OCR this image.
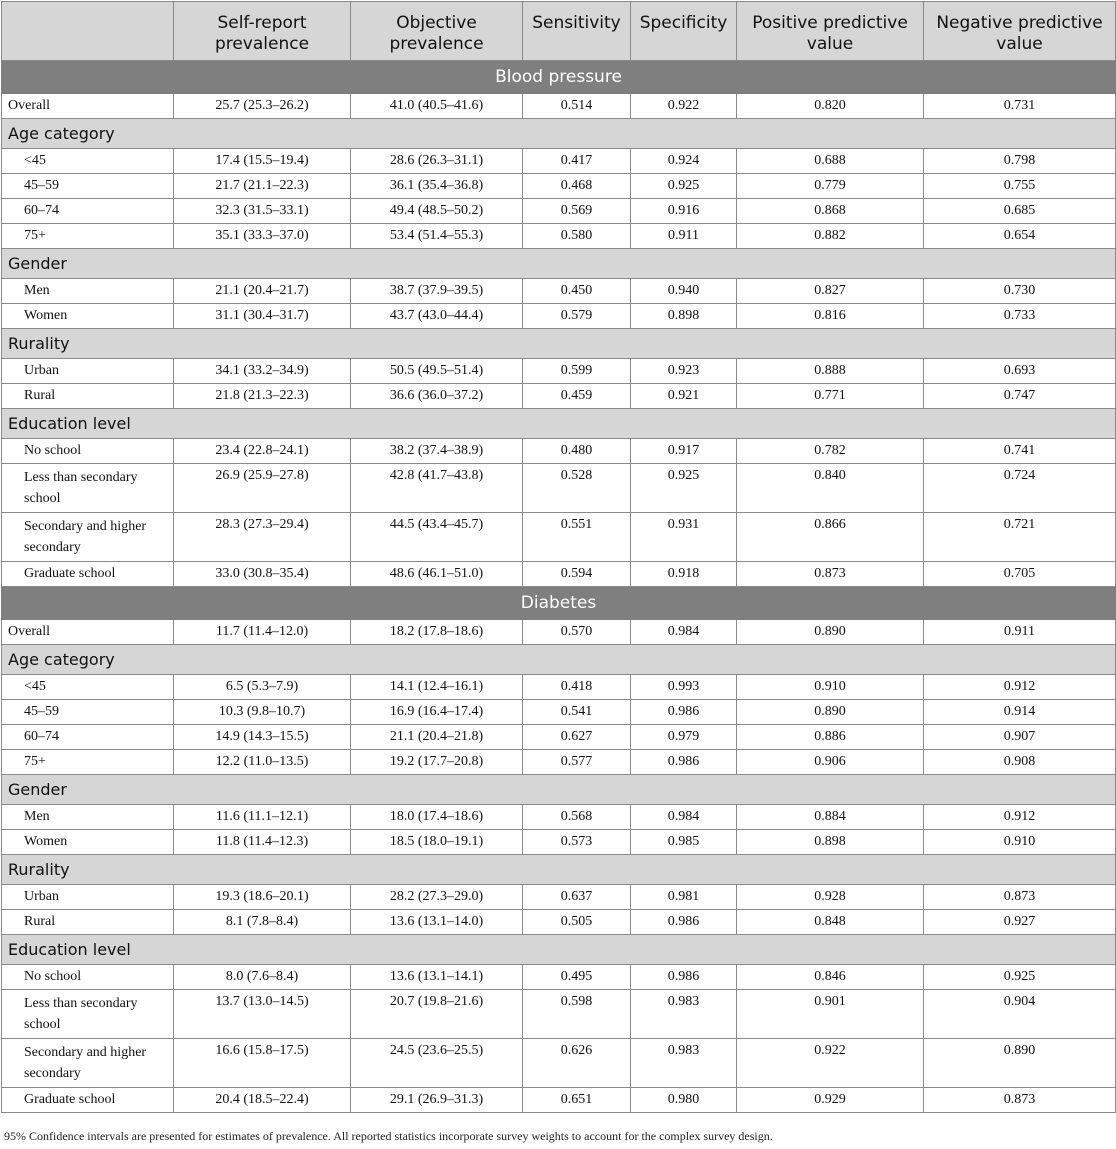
	Self-report prevalence	Objective prevalence	Sensitivity	Specificity	Positive predictive value	Negative predictive value
Blood pressure						
Overall	25.7 (25.3–26.2)	41.0 (40.5–41.6)	0.514	0.922	0.820	0.731
Age category						
<45	17.4 (15.5–19.4)	28.6 (26.3–31.1)	0.417	0.924	0.688	0.798
45–59	21.7 (21.1–22.3)	36.1 (35.4–36.8)	0.468	0.925	0.779	0.755
60–74	32.3 (31.5–33.1)	49.4 (48.5–50.2)	0.569	0.916	0.868	0.685
75+	35.1 (33.3–37.0)	53.4 (51.4–55.3)	0.580	0.911	0.882	0.654
Gender						
Men	21.1 (20.4–21.7)	38.7 (37.9–39.5)	0.450	0.940	0.827	0.730
Women	31.1 (30.4–31.7)	43.7 (43.0–44.4)	0.579	0.898	0.816	0.733
Rurality						
Urban	34.1 (33.2–34.9)	50.5 (49.5–51.4)	0.599	0.923	0.888	0.693
Rural	21.8 (21.3–22.3)	36.6 (36.0–37.2)	0.459	0.921	0.771	0.747
Education level						
No school	23.4 (22.8–24.1)	38.2 (37.4–38.9)	0.480	0.917	0.782	0.741
Less than secondary school	26.9 (25.9–27.8)	42.8 (41.7–43.8)	0.528	0.925	0.840	0.724
Secondary and higher secondary	28.3 (27.3–29.4)	44.5 (43.4–45.7)	0.551	0.931	0.866	0.721
Graduate school	33.0 (30.8–35.4)	48.6 (46.1–51.0)	0.594	0.918	0.873	0.705
Diabetes						
Overall	11.7 (11.4–12.0)	18.2 (17.8–18.6)	0.570	0.984	0.890	0.911
Age category						
<45	6.5 (5.3–7.9)	14.1 (12.4–16.1)	0.418	0.993	0.910	0.912
45–59	10.3 (9.8–10.7)	16.9 (16.4–17.4)	0.541	0.986	0.890	0.914
60–74	14.9 (14.3–15.5)	21.1 (20.4–21.8)	0.627	0.979	0.886	0.907
75+	12.2 (11.0–13.5)	19.2 (17.7–20.8)	0.577	0.986	0.906	0.908
Gender						
Men	11.6 (11.1–12.1)	18.0 (17.4–18.6)	0.568	0.984	0.884	0.912
Women	11.8 (11.4–12.3)	18.5 (18.0–19.1)	0.573	0.985	0.898	0.910
Rurality						
Urban	19.3 (18.6–20.1)	28.2 (27.3–29.0)	0.637	0.981	0.928	0.873
Rural	8.1 (7.8–8.4)	13.6 (13.1–14.0)	0.505	0.986	0.848	0.927
Education level						
No school	8.0 (7.6–8.4)	13.6 (13.1–14.1)	0.495	0.986	0.846	0.925
Less than secondary school	13.7 (13.0–14.5)	20.7 (19.8–21.6)	0.598	0.983	0.901	0.904
Secondary and higher secondary	16.6 (15.8–17.5)	24.5 (23.6–25.5)	0.626	0.983	0.922	0.890
Graduate school	20.4 (18.5–22.4)	29.1 (26.9–31.3)	0.651	0.980	0.929	0.873
95% Confidence intervals are presented for estimates of prevalence. All reported statistics incorporate survey weights to account for the complex survey design.
